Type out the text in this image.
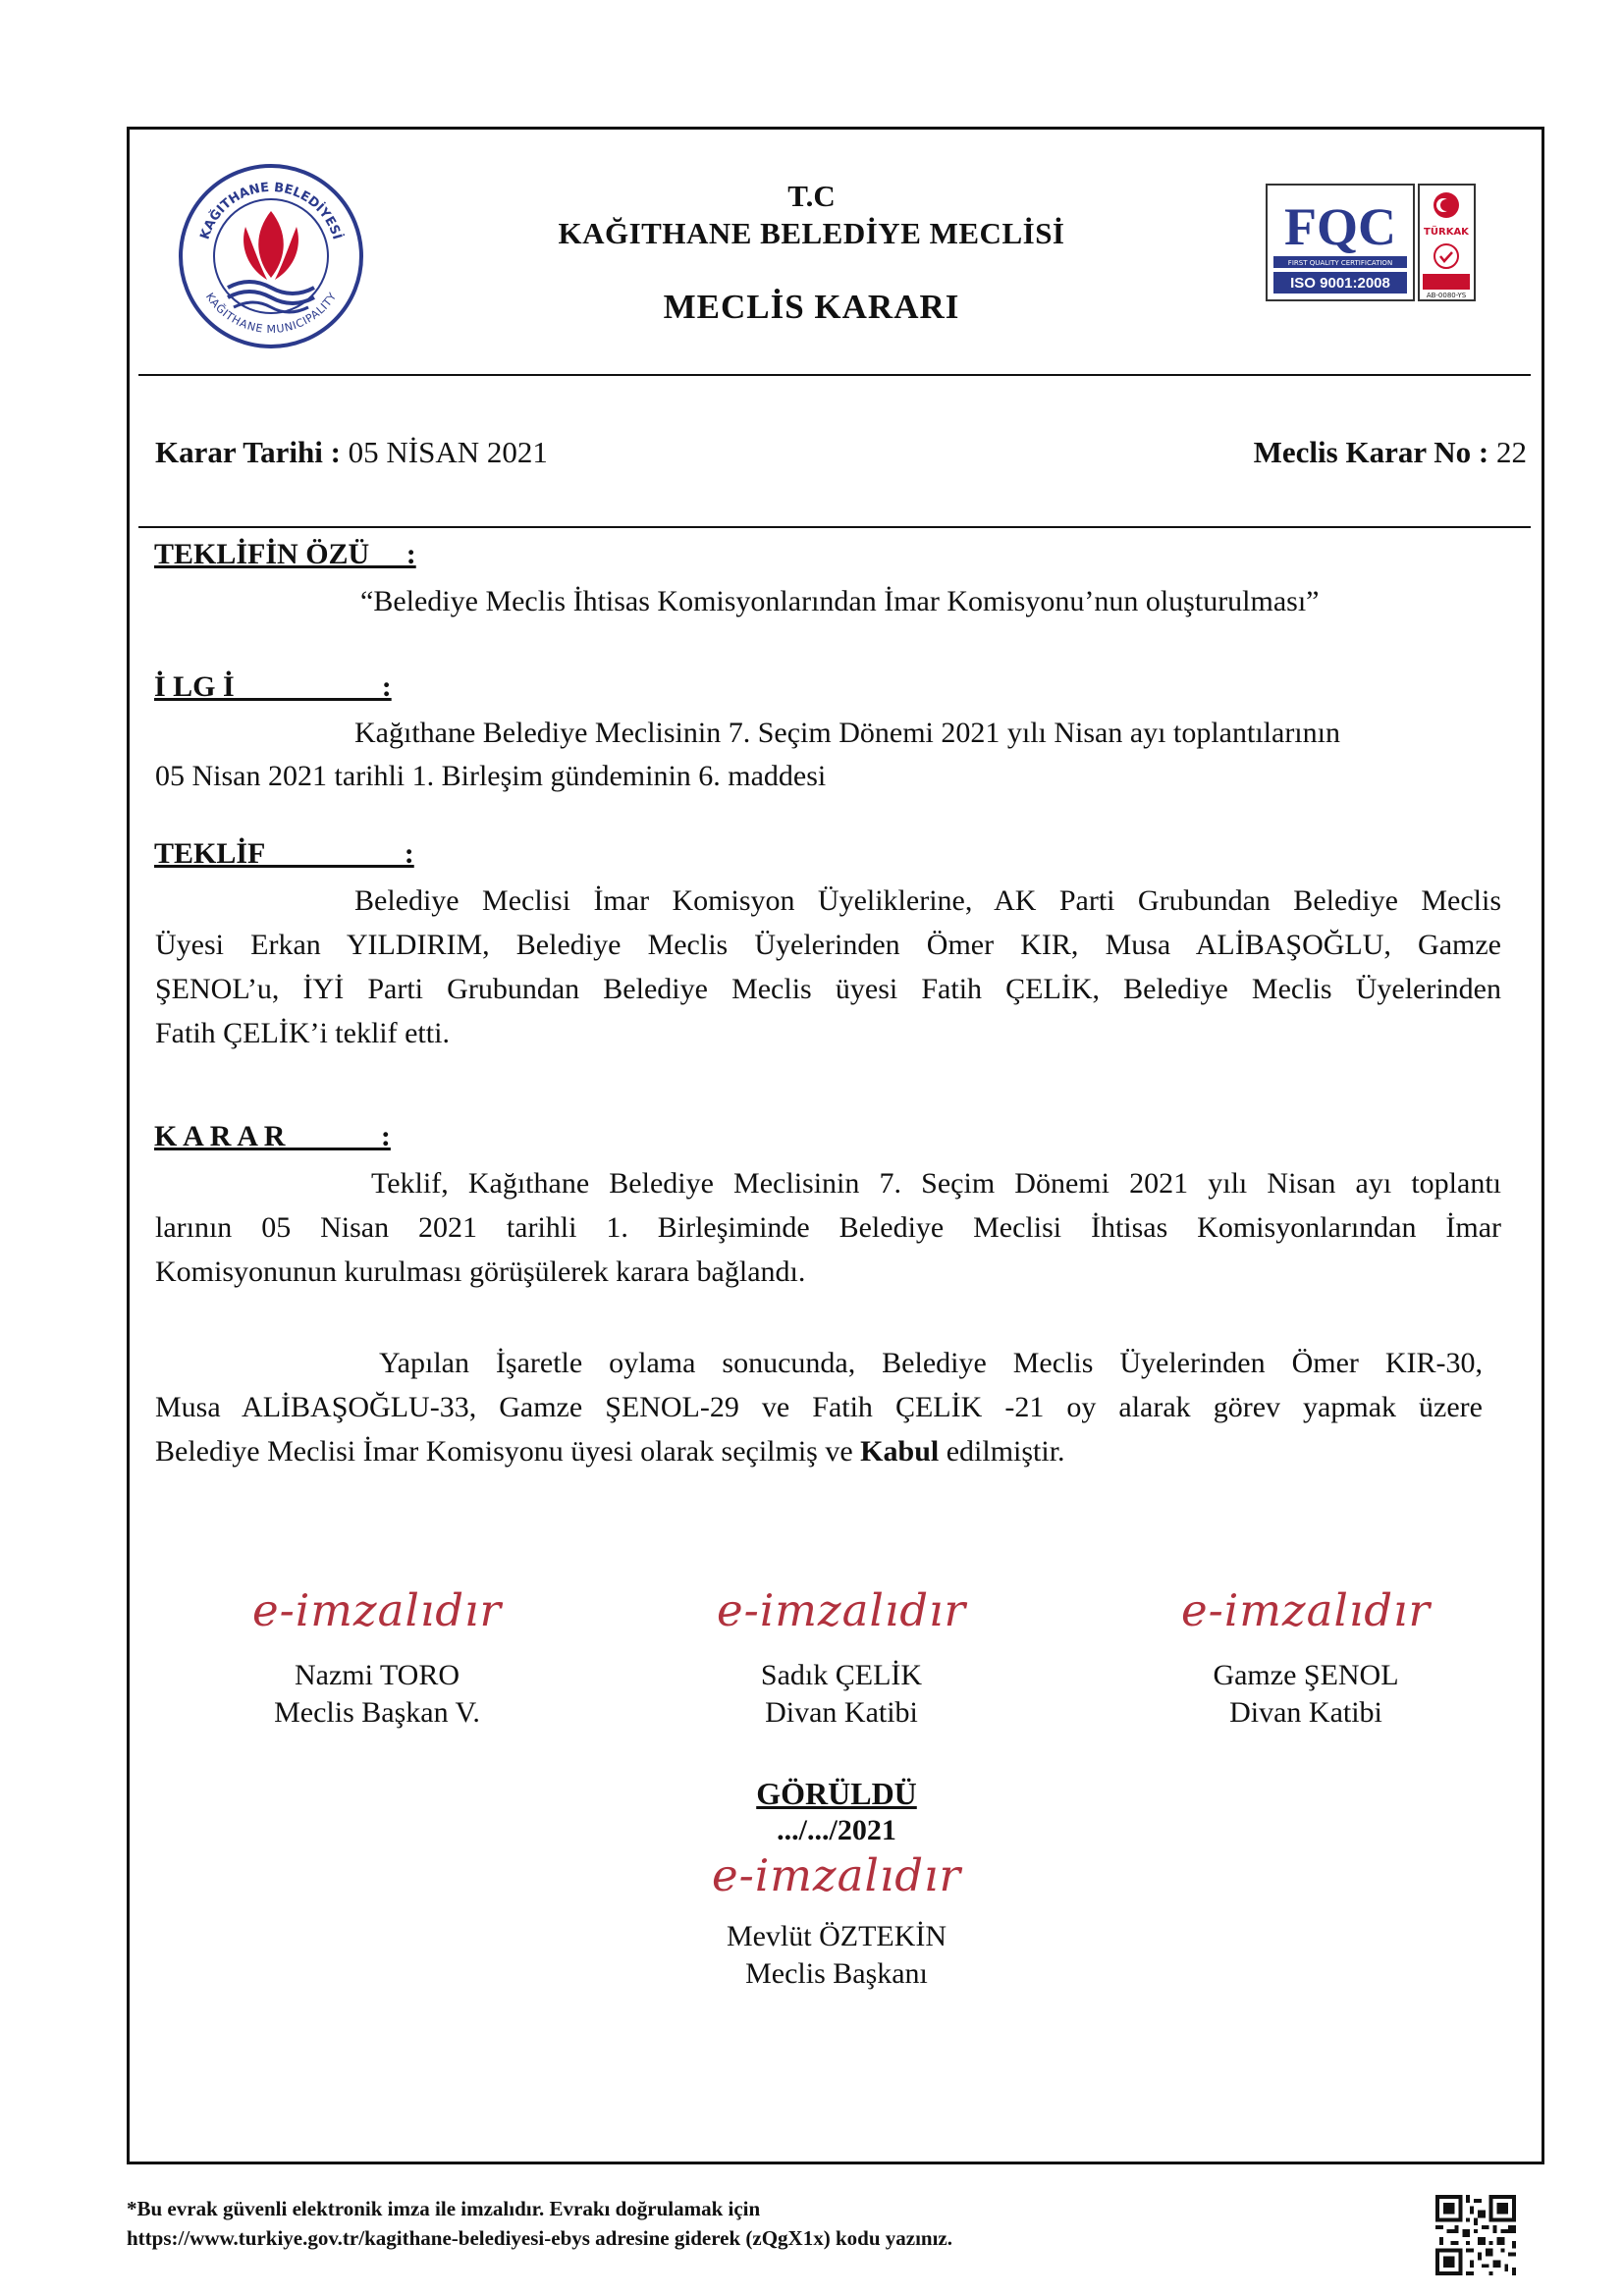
KAĞITHANE BELEDİYESİ
KAĞITHANE MUNICIPALITY
T.C
KAĞITHANE BELEDİYE MECLİSİ
MECLİS KARARI
FQC
FIRST QUALITY CERTIFICATION
ISO 9001:2008
TÜRKAK
AB-0080-YS
Karar Tarihi : 05 NİSAN 2021	Meclis Karar No : 22
TEKLİFİN ÖZÜ     :
“Belediye Meclis İhtisas Komisyonlarından İmar Komisyonu’nun oluşturulması”
İ LG İ                    :
Kağıthane Belediye Meclisinin 7. Seçim Dönemi 2021 yılı Nisan ayı toplantılarının
05 Nisan 2021 tarihli 1. Birleşim gündeminin 6. maddesi
TEKLİF                   :
Belediye Meclisi İmar Komisyon Üyeliklerine, AK Parti Grubundan Belediye Meclis
Üyesi Erkan YILDIRIM, Belediye Meclis Üyelerinden Ömer KIR, Musa ALİBAŞOĞLU, Gamze
ŞENOL’u, İYİ Parti Grubundan Belediye Meclis üyesi Fatih ÇELİK, Belediye Meclis Üyelerinden
Fatih ÇELİK’i teklif etti.
K A R A R             :
Teklif, Kağıthane Belediye Meclisinin 7. Seçim Dönemi 2021 yılı Nisan ayı toplantı
larının 05 Nisan 2021 tarihli 1. Birleşiminde Belediye Meclisi İhtisas Komisyonlarından İmar
Komisyonunun kurulması görüşülerek karara bağlandı.
Yapılan İşaretle oylama sonucunda, Belediye Meclis Üyelerinden Ömer KIR-30,
Musa ALİBAŞOĞLU-33, Gamze ŞENOL-29 ve Fatih ÇELİK -21 oy alarak görev yapmak üzere
Belediye Meclisi İmar Komisyonu üyesi olarak seçilmiş ve Kabul edilmiştir.
e-imzalıdır
Nazmi TORO
Meclis Başkan V.
e-imzalıdır
Sadık ÇELİK
Divan Katibi
e-imzalıdır
Gamze ŞENOL
Divan Katibi
GÖRÜLDÜ
.../.../2021
e-imzalıdır
Mevlüt ÖZTEKİN
Meclis Başkanı
*Bu evrak güvenli elektronik imza ile imzalıdır. Evrakı doğrulamak için
https://www.turkiye.gov.tr/kagithane-belediyesi-ebys adresine giderek (zQgX1x) kodu yazınız.
